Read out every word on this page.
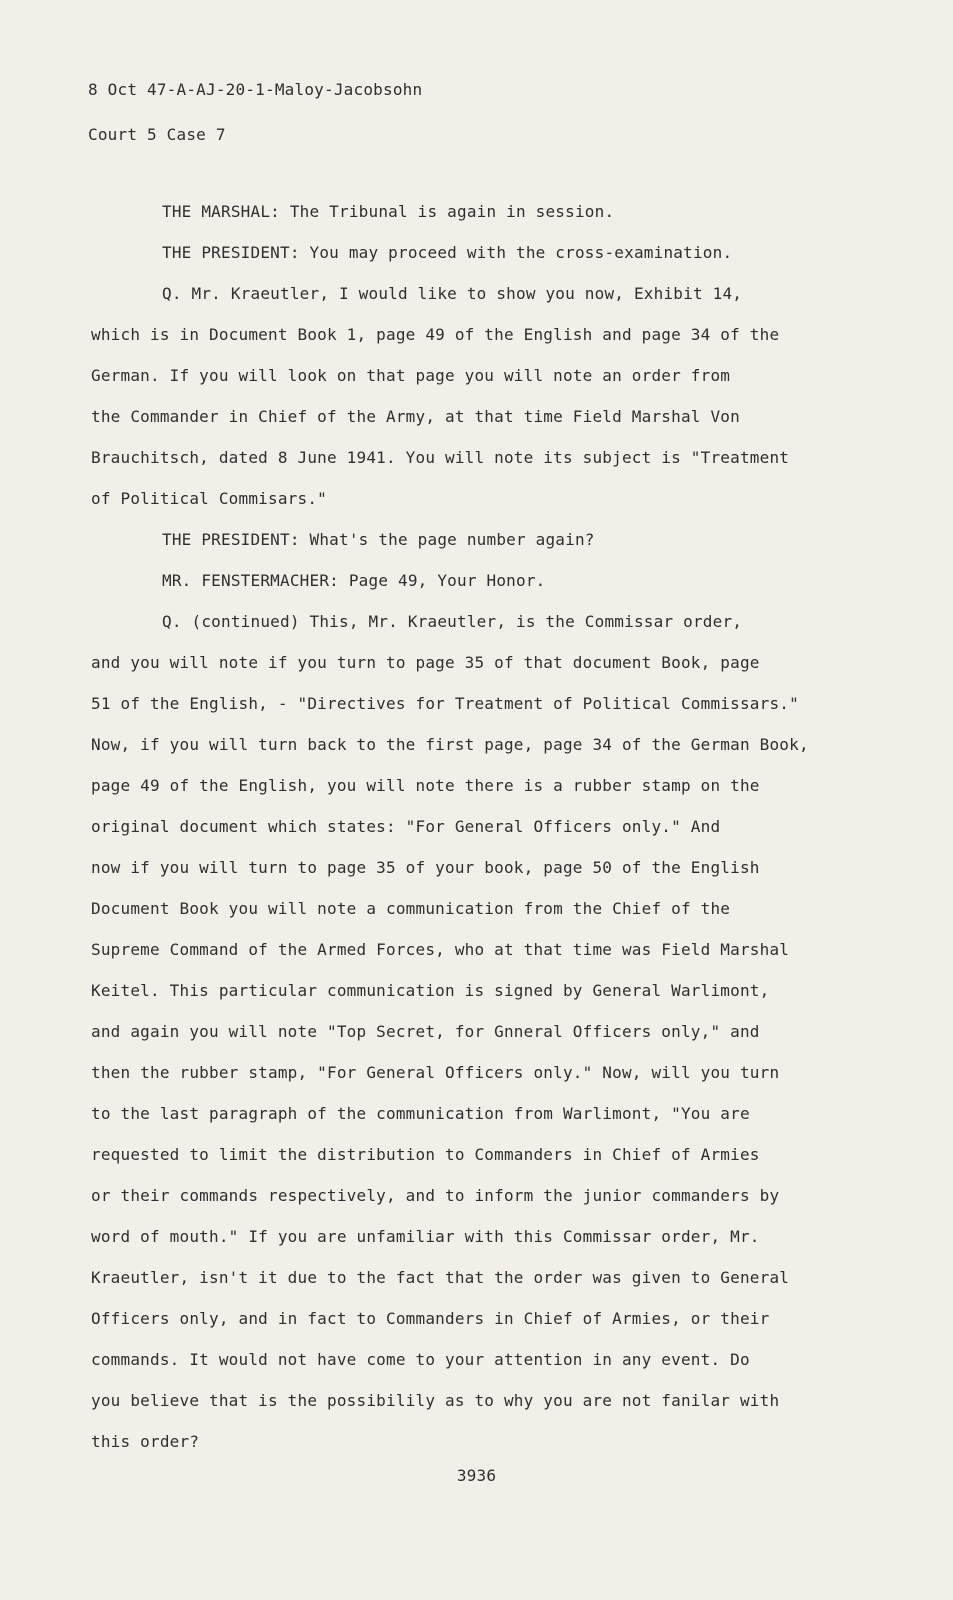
8 Oct 47-A-AJ-20-1-Maloy-Jacobsohn
Court 5 Case 7
THE MARSHAL: The Tribunal is again in session.
THE PRESIDENT: You may proceed with the cross-examination.
Q. Mr. Kraeutler, I would like to show you now, Exhibit 14,
which is in Document Book 1, page 49 of the English and page 34 of the
German. If you will look on that page you will note an order from
the Commander in Chief of the Army, at that time Field Marshal Von
Brauchitsch, dated 8 June 1941. You will note its subject is "Treatment
of Political Commisars."
THE PRESIDENT: What's the page number again?
MR. FENSTERMACHER: Page 49, Your Honor.
Q. (continued) This, Mr. Kraeutler, is the Commissar order,
and you will note if you turn to page 35 of that document Book, page
51 of the English, - "Directives for Treatment of Political Commissars."
Now, if you will turn back to the first page, page 34 of the German Book,
page 49 of the English, you will note there is a rubber stamp on the
original document which states: "For General Officers only." And
now if you will turn to page 35 of your book, page 50 of the English
Document Book you will note a communication from the Chief of the
Supreme Command of the Armed Forces, who at that time was Field Marshal
Keitel. This particular communication is signed by General Warlimont,
and again you will note "Top Secret, for Gnneral Officers only," and
then the rubber stamp, "For General Officers only." Now, will you turn
to the last paragraph of the communication from Warlimont, "You are
requested to limit the distribution to Commanders in Chief of Armies
or their commands respectively, and to inform the junior commanders by
word of mouth." If you are unfamiliar with this Commissar order, Mr.
Kraeutler, isn't it due to the fact that the order was given to General
Officers only, and in fact to Commanders in Chief of Armies, or their
commands. It would not have come to your attention in any event. Do
you believe that is the possibilily as to why you are not fanilar with
this order?
3936
